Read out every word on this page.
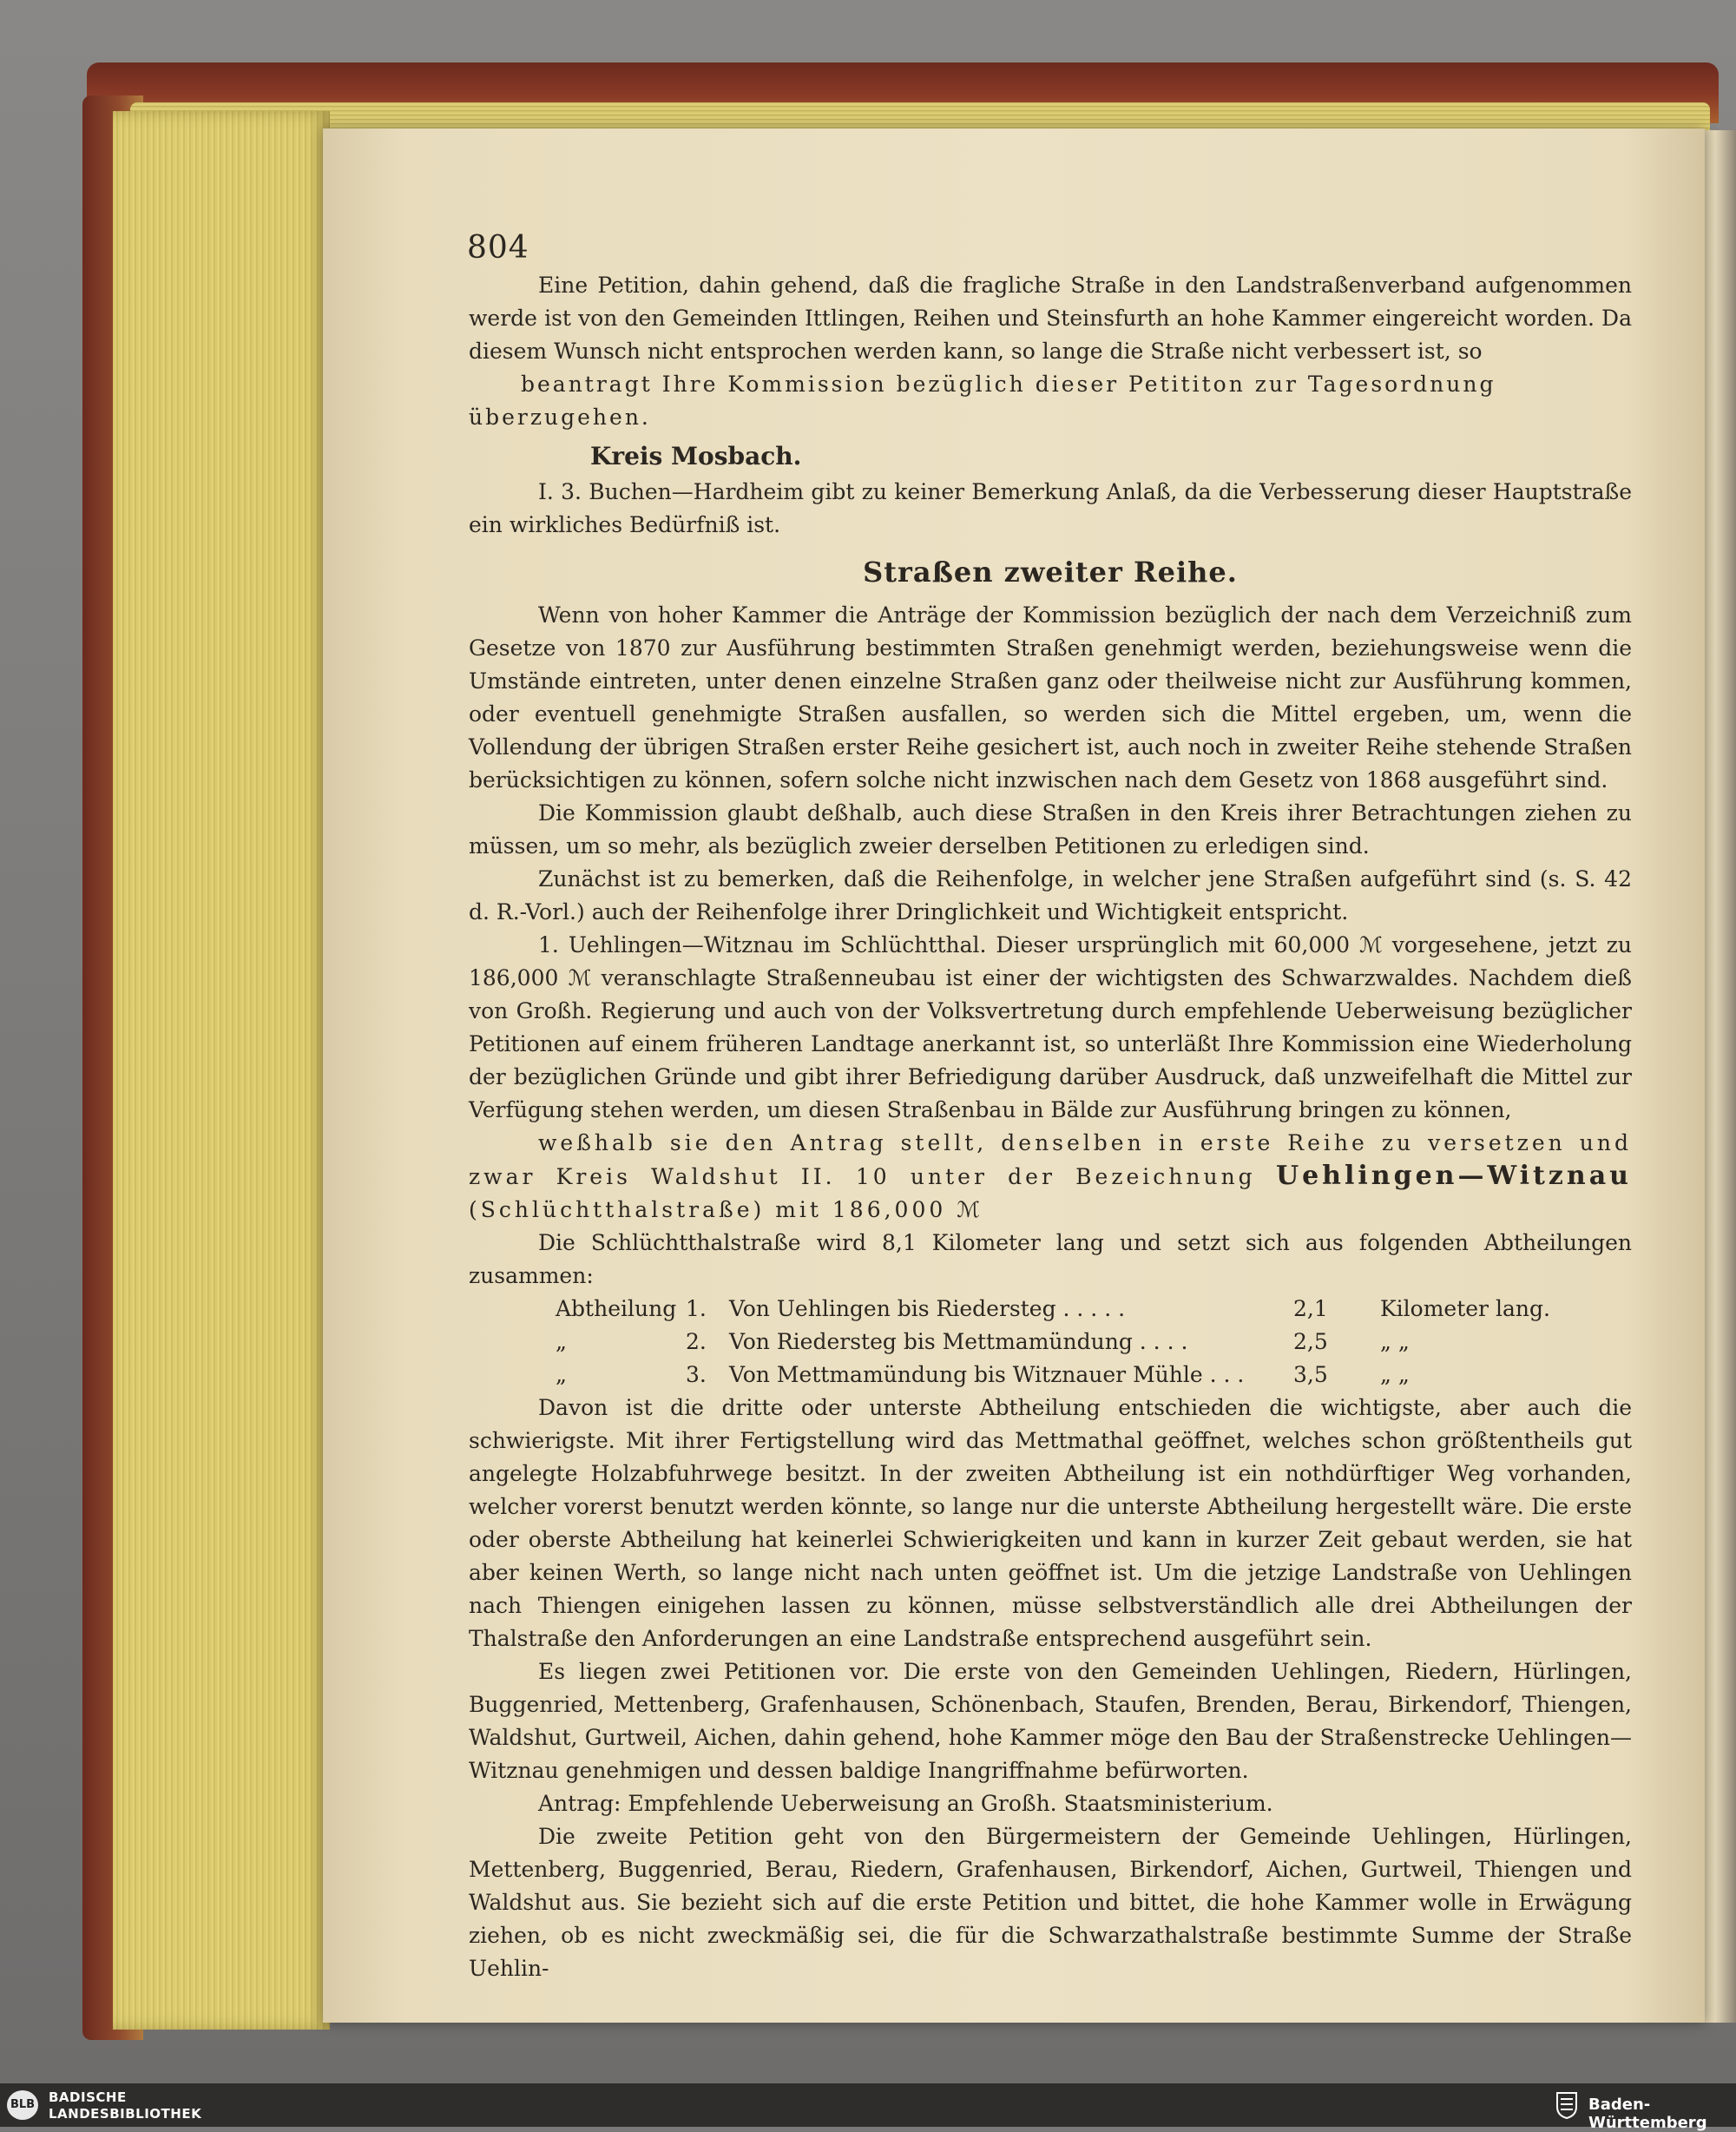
804

Eine Petition, dahin gehend, daß die fragliche Straße in den Landstraßenverband aufgenommen werde ist von den Gemeinden Ittlingen, Reihen und Steinsfurth an hohe Kammer eingereicht worden. Da diesem Wunsch nicht entsprochen werden kann, so lange die Straße nicht verbessert ist, so

beantragt Ihre Kommission bezüglich dieser Petititon zur Tagesordnung überzugehen.

Kreis Mosbach.

I. 3. Buchen—Hardheim gibt zu keiner Bemerkung Anlaß, da die Verbesserung dieser Hauptstraße ein wirkliches Bedürfniß ist.

Straßen zweiter Reihe.

Wenn von hoher Kammer die Anträge der Kommission bezüglich der nach dem Verzeichniß zum Gesetze von 1870 zur Ausführung bestimmten Straßen genehmigt werden, beziehungsweise wenn die Umstände eintreten, unter denen einzelne Straßen ganz oder theilweise nicht zur Ausführung kommen, oder eventuell genehmigte Straßen ausfallen, so werden sich die Mittel ergeben, um, wenn die Vollendung der übrigen Straßen erster Reihe gesichert ist, auch noch in zweiter Reihe stehende Straßen berücksichtigen zu können, sofern solche nicht inzwischen nach dem Gesetz von 1868 ausgeführt sind.

Die Kommission glaubt deßhalb, auch diese Straßen in den Kreis ihrer Betrachtungen ziehen zu müssen, um so mehr, als bezüglich zweier derselben Petitionen zu erledigen sind.

Zunächst ist zu bemerken, daß die Reihenfolge, in welcher jene Straßen aufgeführt sind (s. S. 42 d. R.-Vorl.) auch der Reihenfolge ihrer Dringlichkeit und Wichtigkeit entspricht.

1. Uehlingen—Witznau im Schlüchtthal. Dieser ursprünglich mit 60,000 ℳ vorgesehene, jetzt zu 186,000 ℳ veranschlagte Straßenneubau ist einer der wichtigsten des Schwarzwaldes. Nachdem dieß von Großh. Regierung und auch von der Volksvertretung durch empfehlende Ueberweisung bezüglicher Petitionen auf einem früheren Landtage anerkannt ist, so unterläßt Ihre Kommission eine Wiederholung der bezüglichen Gründe und gibt ihrer Befriedigung darüber Ausdruck, daß unzweifelhaft die Mittel zur Verfügung stehen werden, um diesen Straßenbau in Bälde zur Ausführung bringen zu können,

weßhalb sie den Antrag stellt, denselben in erste Reihe zu versetzen und zwar Kreis Waldshut II. 10 unter der Bezeichnung Uehlingen—Witznau (Schlüchtthalstraße) mit 186,000 ℳ

Die Schlüchtthalstraße wird 8,1 Kilometer lang und setzt sich aus folgenden Abtheilungen zusammen:

Abtheilung 1.	Von Uehlingen bis Riedersteg . . . . .	2,1	Kilometer lang.
„	2.	Von Riedersteg bis Mettmamündung . . . .	2,5	„ „
„	3.	Von Mettmamündung bis Witznauer Mühle . . .	3,5	„ „

Davon ist die dritte oder unterste Abtheilung entschieden die wichtigste, aber auch die schwierigste. Mit ihrer Fertigstellung wird das Mettmathal geöffnet, welches schon größtentheils gut angelegte Holzabfuhrwege besitzt. In der zweiten Abtheilung ist ein nothdürftiger Weg vorhanden, welcher vorerst benutzt werden könnte, so lange nur die unterste Abtheilung hergestellt wäre. Die erste oder oberste Abtheilung hat keinerlei Schwierigkeiten und kann in kurzer Zeit gebaut werden, sie hat aber keinen Werth, so lange nicht nach unten geöffnet ist. Um die jetzige Landstraße von Uehlingen nach Thiengen einigehen lassen zu können, müsse selbstverständlich alle drei Abtheilungen der Thalstraße den Anforderungen an eine Landstraße entsprechend ausgeführt sein.

Es liegen zwei Petitionen vor. Die erste von den Gemeinden Uehlingen, Riedern, Hürlingen, Buggenried, Mettenberg, Grafenhausen, Schönenbach, Staufen, Brenden, Berau, Birkendorf, Thiengen, Waldshut, Gurtweil, Aichen, dahin gehend, hohe Kammer möge den Bau der Straßenstrecke Uehlingen—Witznau genehmigen und dessen baldige Inangriffnahme befürworten.

Antrag: Empfehlende Ueberweisung an Großh. Staatsministerium.

Die zweite Petition geht von den Bürgermeistern der Gemeinde Uehlingen, Hürlingen, Mettenberg, Buggenried, Berau, Riedern, Grafenhausen, Birkendorf, Aichen, Gurtweil, Thiengen und Waldshut aus. Sie bezieht sich auf die erste Petition und bittet, die hohe Kammer wolle in Erwägung ziehen, ob es nicht zweckmäßig sei, die für die Schwarzathalstraße bestimmte Summe der Straße Uehlin-

BLB BADISCHE
LANDESBIBLIOTHEK	Baden-Württemberg
